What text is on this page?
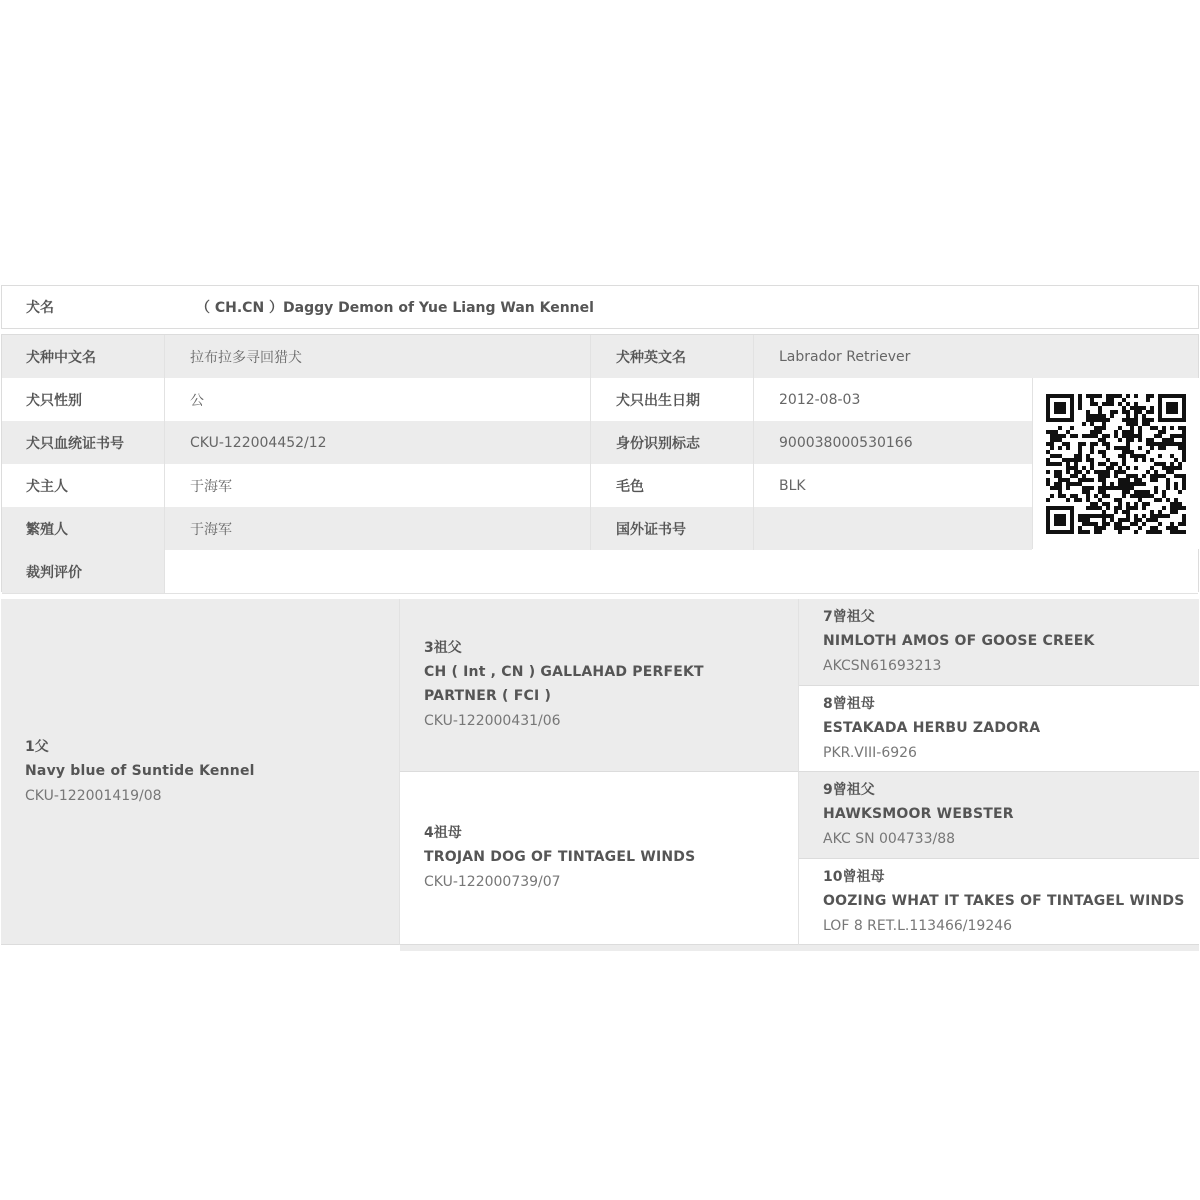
犬名	（ CH.CN ）Daggy Demon of Yue Liang Wan Kennel
犬种中文名	拉布拉多寻回猎犬	犬种英文名	Labrador Retriever
犬只性别	公	犬只出生日期	2012-08-03
犬只血统证书号	CKU-122004452/12	身份识别标志	900038000530166
犬主人	于海军	毛色	BLK
繁殖人	于海军	国外证书号
裁判评价
1父
Navy blue of Suntide Kennel
CKU-122001419/08
3祖父
CH ( Int , CN ) GALLAHAD PERFEKT
PARTNER ( FCI )
CKU-122000431/06
4祖母
TROJAN DOG OF TINTAGEL WINDS
CKU-122000739/07
7曾祖父
NIMLOTH AMOS OF GOOSE CREEK
AKCSN61693213
8曾祖母
ESTAKADA HERBU ZADORA
PKR.VIII-6926
9曾祖父
HAWKSMOOR WEBSTER
AKC SN 004733/88
10曾祖母
OOZING WHAT IT TAKES OF TINTAGEL WINDS
LOF 8 RET.L.113466/19246
